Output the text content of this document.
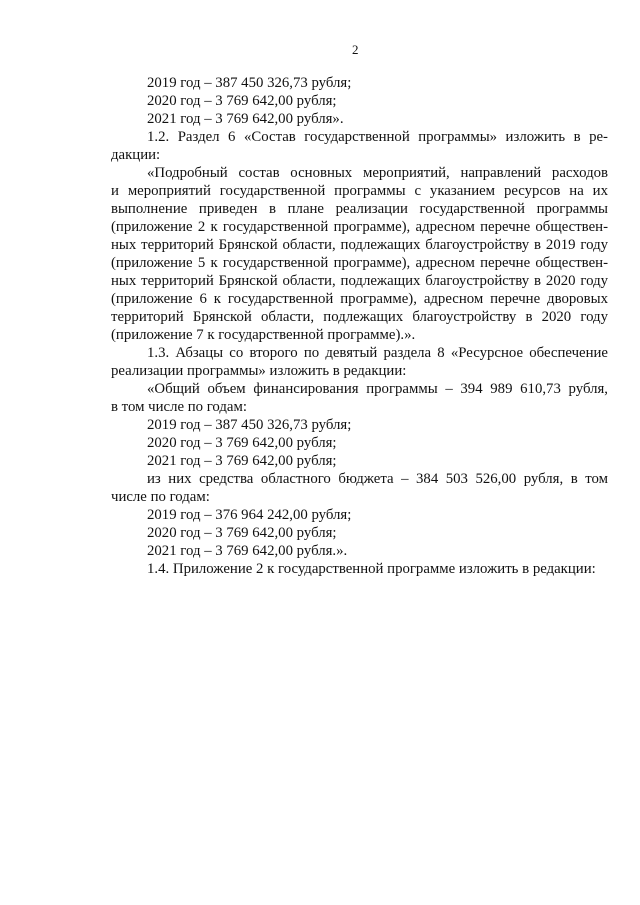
2
2019 год – 387 450 326,73 рубля;
2020 год – 3 769 642,00 рубля;
2021 год – 3 769 642,00 рубля».
1.2. Раздел 6 «Состав государственной программы» изложить в ре-
дакции:
«Подробный состав основных мероприятий, направлений расходов
и мероприятий государственной программы с указанием ресурсов на их
выполнение приведен в плане реализации государственной программы
(приложение 2 к государственной программе), адресном перечне обществен-
ных территорий Брянской области, подлежащих благоустройству в 2019 году
(приложение 5 к государственной программе), адресном перечне обществен-
ных территорий Брянской области, подлежащих благоустройству в 2020 году
(приложение 6 к государственной программе), адресном перечне дворовых
территорий Брянской области, подлежащих благоустройству в 2020 году
(приложение 7 к государственной программе).».
1.3. Абзацы со второго по девятый раздела 8 «Ресурсное обеспечение
реализации программы» изложить в редакции:
«Общий объем финансирования программы – 394 989 610,73 рубля,
в том числе по годам:
2019 год – 387 450 326,73 рубля;
2020 год – 3 769 642,00 рубля;
2021 год – 3 769 642,00 рубля;
из них средства областного бюджета – 384 503 526,00 рубля, в том
числе по годам:
2019 год – 376 964 242,00 рубля;
2020 год – 3 769 642,00 рубля;
2021 год – 3 769 642,00 рубля.».
1.4. Приложение 2 к государственной программе изложить в редакции:
